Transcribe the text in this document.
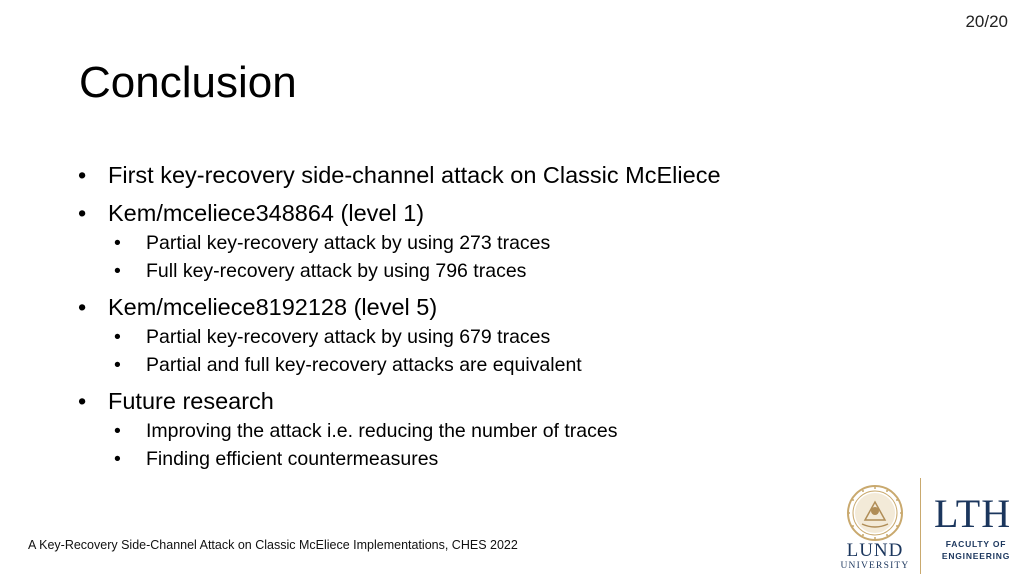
20/20
Conclusion
• First key-recovery side-channel attack on Classic McEliece
• Kem/mceliece348864 (level 1)
• Partial key-recovery attack by using 273 traces
• Full key-recovery attack by using 796 traces
• Kem/mceliece8192128 (level 5)
• Partial key-recovery attack by using 679 traces
• Partial and full key-recovery attacks are equivalent
• Future research
• Improving the attack i.e. reducing the number of traces
• Finding efficient countermeasures
A Key-Recovery Side-Channel Attack on Classic McEliece Implementations, CHES 2022	LUND
UNIVERSITY
LTH
FACULTY OF
ENGINEERING
